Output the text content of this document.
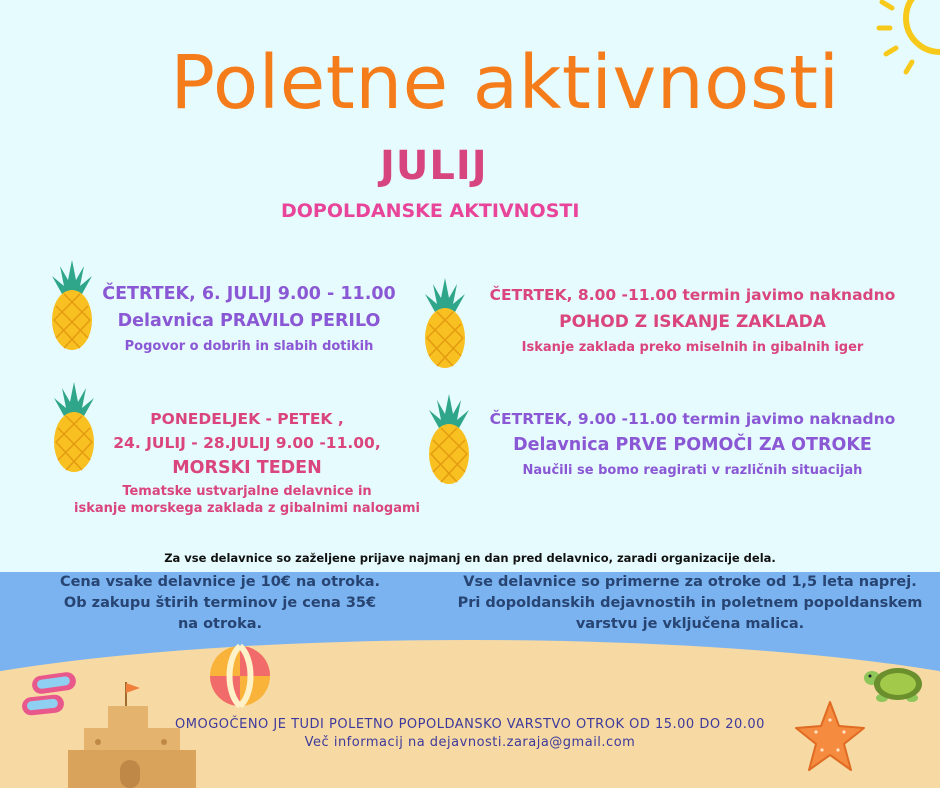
Poletne aktivnosti
JULIJ
DOPOLDANSKE AKTIVNOSTI
ČETRTEK, 6. JULIJ 9.00 - 11.00
Delavnica PRAVILO PERILO
Pogovor o dobrih in slabih dotikih
ČETRTEK, 8.00 -11.00 termin javimo naknadno
POHOD Z ISKANJE ZAKLADA
Iskanje zaklada preko miselnih in gibalnih iger
PONEDELJEK - PETEK ,
24. JULIJ - 28.JULIJ 9.00 -11.00,
MORSKI TEDEN
Tematske ustvarjalne delavnice in
iskanje morskega zaklada z gibalnimi nalogami
ČETRTEK, 9.00 -11.00 termin javimo naknadno
Delavnica PRVE POMOČI ZA OTROKE
Naučili se bomo reagirati v različnih situacijah
Za vse delavnice so zaželjene prijave najmanj en dan pred delavnico, zaradi organizacije dela.
Cena vsake delavnice je 10€ na otroka.
Ob zakupu štirih terminov je cena 35€
na otroka.
Vse delavnice so primerne za otroke od 1,5 leta naprej.
Pri dopoldanskih dejavnostih in poletnem popoldanskem
varstvu je vključena malica.
OMOGOČENO JE TUDI POLETNO POPOLDANSKO VARSTVO OTROK OD 15.00 DO 20.00
Več informacij na dejavnosti.zaraja@gmail.com
